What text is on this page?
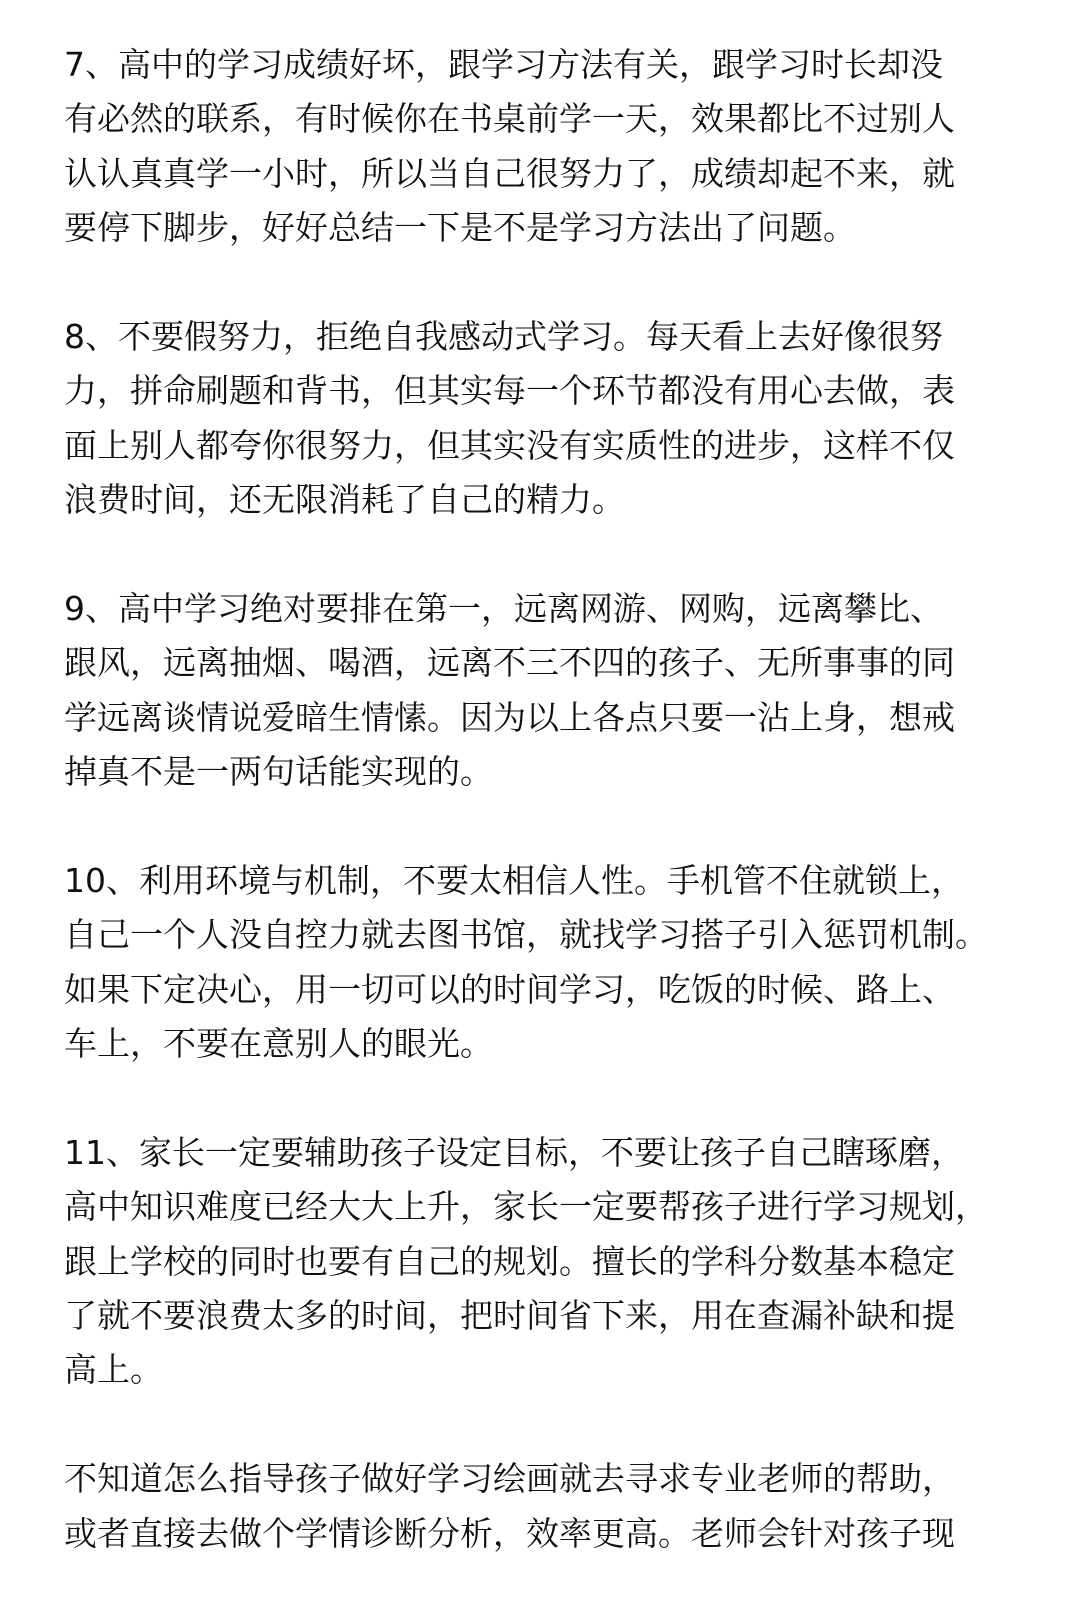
7、高中的学习成绩好坏，跟学习方法有关，跟学习时长却没
有必然的联系，有时候你在书桌前学一天，效果都比不过别人
认认真真学一小时，所以当自己很努力了，成绩却起不来，就
要停下脚步，好好总结一下是不是学习方法出了问题。
8、不要假努力，拒绝自我感动式学习。每天看上去好像很努
力，拼命刷题和背书，但其实每一个环节都没有用心去做，表
面上别人都夸你很努力，但其实没有实质性的进步，这样不仅
浪费时间，还无限消耗了自己的精力。
9、高中学习绝对要排在第一，远离网游、网购，远离攀比、
跟风，远离抽烟、喝酒，远离不三不四的孩子、无所事事的同
学远离谈情说爱暗生情愫。因为以上各点只要一沾上身，想戒
掉真不是一两句话能实现的。
10、利用环境与机制，不要太相信人性。手机管不住就锁上，
自己一个人没自控力就去图书馆，就找学习搭子引入惩罚机制。
如果下定决心，用一切可以的时间学习，吃饭的时候、路上、
车上，不要在意别人的眼光。
11、家长一定要辅助孩子设定目标，不要让孩子自己瞎琢磨，
高中知识难度已经大大上升，家长一定要帮孩子进行学习规划，
跟上学校的同时也要有自己的规划。擅长的学科分数基本稳定
了就不要浪费太多的时间，把时间省下来，用在查漏补缺和提
高上。
不知道怎么指导孩子做好学习绘画就去寻求专业老师的帮助，
或者直接去做个学情诊断分析，效率更高。老师会针对孩子现
